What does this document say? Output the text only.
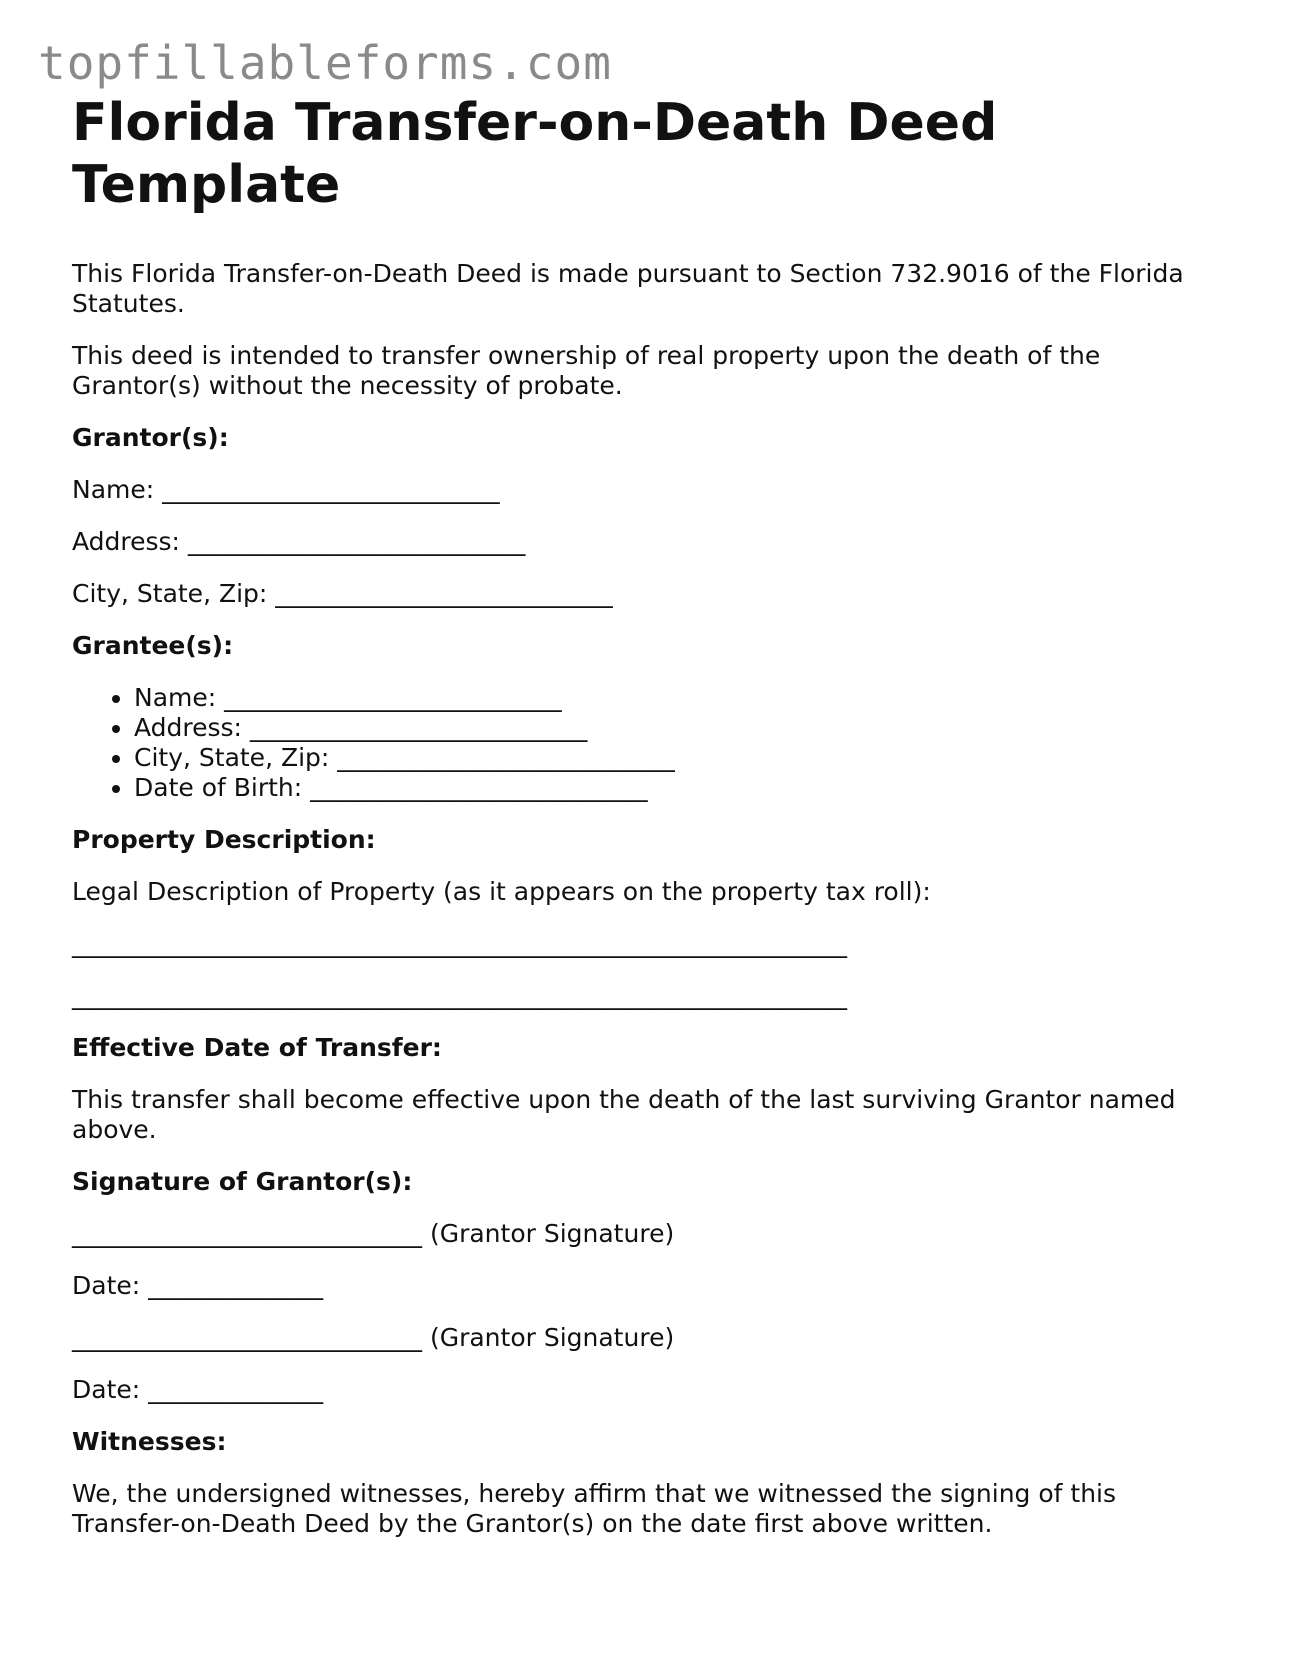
topfillableforms.com
Florida Transfer-on-Death Deed Template

This Florida Transfer-on-Death Deed is made pursuant to Section 732.9016 of the Florida Statutes.

This deed is intended to transfer ownership of real property upon the death of the Grantor(s) without the necessity of probate.

Grantor(s):

Name: ___________________________

Address: ___________________________

City, State, Zip: ___________________________

Grantee(s):

• Name: ___________________________
• Address: ___________________________
• City, State, Zip: ___________________________
• Date of Birth: ___________________________

Property Description:

Legal Description of Property (as it appears on the property tax roll):

______________________________________________________________

______________________________________________________________

Effective Date of Transfer:

This transfer shall become effective upon the death of the last surviving Grantor named above.

Signature of Grantor(s):

____________________________ (Grantor Signature)

Date: ______________

____________________________ (Grantor Signature)

Date: ______________

Witnesses:

We, the undersigned witnesses, hereby affirm that we witnessed the signing of this Transfer-on-Death Deed by the Grantor(s) on the date first above written.
